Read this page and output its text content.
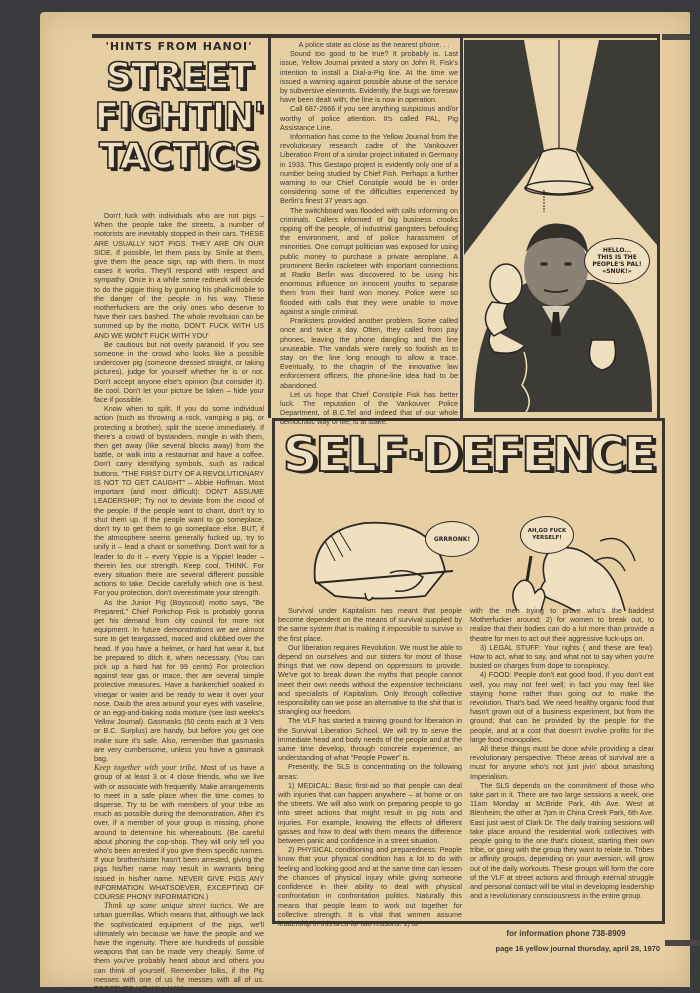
'HINTS FROM HANOI'
STREET
FIGHTIN'
TACTICS

Don't fuck with individuals who are not pigs – When the people take the streets, a number of motorists are inevitably stopped in their cars. THESE ARE USUALLY NOT PIGS. THEY ARE ON OUR SIDE. If possible, let them pass by. Smile at them, give them the peace sign, rap with them. In most cases it works. They'll respond with respect and sympathy. Once in a while some redneck will decide to do the piggie thing by gunning his phallicmobile to the danger of the people in his way. These motherfuckers are the only ones who deserve to have their cars bashed. The whole revoltuion can be summed up by the motto, DON'T FUCK WITH US AND WE WON'T FUCK WITH YOU'

Be cautious but not overly paranoid. If you see someone in the crowd who looks like a possible undercover pig (someone dressed straight, or taking pictures), judge for yourself whether he is or not. Don't accept anyone else's opinion (but consider it). Be cool. Don't let your picture be taken – hide your face if possible.

Know when to split. If you do some individual action (such as throwing a rock, vamping a pig, or protecting a brother), split the scene immediately. If there's a crowd of bystanders, mingle in with them, then get away (like several blocks away) from the battle, or walk into a restaurnat and have a coffee. Don't carry identifying symbols, such as radical buttons. "THE FIRST DUTY OF A REVOLUTIONARY IS NOT TO GET CAUGHT" – Abbie Hoffman. Most important (and most difficult): DON'T ASSUME LEADERSHIP; Try not to deviate from the mood of the people. If the people want to chant, don't try to shut them up. If the people want to go someplace, don't try to get them to go someplace else. BUT, if the atmosphere seems generally fucked up, try to unify it – lead a chant or something. Don't wait for a leader to do it – every Yippie is a Yippie! leader – therein lies our strength. Keep cool, THINK. For every situation there are several different possible actions to take. Decide carefully which one is best. For you protection, don't overestimate your strength.

As the Junior Pig (Boyscout) motto says, "Be Prepared." Chief Porkchop Fisk is probably gonna get his demand from city council for more riot equipment. In future demonstrations we are almost sure to get teargassed, maced and clubbed over the head. If you have a helmet, or hard hat wear it, but be prepared to ditch it, when necessary. (You can pick up a hard hat for 99 cents) For protection against tear gas or mace, ther are several simple protective measures. Have a hankerchief soaked in vinegar or water and be ready to wear it over your nose. Daub the area around your eyes with vaseline, or an egg-and-baking soda mixture (see last weeks's Yellow Journal). Gasmasks (50 cents each at 3 Vets or B.C. Surplus) are handy, but before you get one make sure it's safe. Also, remember that gasmasks are very cumbersome, unless you have a gasmask bag.

Keep together with your tribe. Most of us have a group of at least 3 or 4 close friends, who we live with or associate with frequently. Make arrangements to meet in a safe place when the time comes to disperse. Try to be with members of your tribe as much as possible during the demonstration. After it's over, if a member of your group is missing, phone around to determine his whereabouts. (Be careful about phoning the cop-shop. They will only tell you who's been arrested if you give them specific names. If your brother/sister hasn't been arrested, giving the pigs his/her name may result in warrants being issued in his/her name. NEVER GIVE PIGS ANY INFORMATION WHATSOEVER, EXCEPTING OF COURSE PHONY INFORMATION.)

Think up some unique street tactics. We are urban guerrillas. Which means that, although we lack the sophisticated equipment of the pigs, we'll ultimately win because we have the people and we have the ingenuity. There are hundreds of possible weapons that can be made very cheaply. Some of them you've probably heard about and others you can think of yourself. Remember folks, if the Pig messes with one of us he messes with all of us. TOGETHER WE WILL WIN!

A police state as close as the nearest phone. . .

Sound too good to be true? It probably is. Last issue, Yellow Journal printed a story on John R. Fisk's intention to install a Dial-a-Pig line. At the time we issued a warning against possible abuse of the service by subversive elements. Evidently, the bugs we foresaw have been dealt with; the line is now in operation.

Call 687-2666 if you see anything suspicious and/or worthy of police attention. It's called PAL, Pig Assistance Line.

Information has come to the Yellow Journal from the revolutionary research cadre of the Vankouver Liberation Front of a similar project initiated in Germany in 1933. This Gestapo project is evidently only one of a number being studied by Chief Fish. Perhaps a further warning to our Chief Constiple would be in order considering some of the difficulties experienced by Berlin's finest 37 years ago.

The switchboard was flooded with calls informing on criminals. Callers informed of big business crooks ripping off the people, of industrial gangsters befouling the environment, and of police harassment of minorities. One corrupt politician was exposed for using public money to purchase a private aeroplane. A prominent Berlin racketeer with important connections at Radio Berlin was discovered to be using his enormous influence on innocent youths to separate them from their hard won money. Police were so flooded with calls that they were unable to move against a single criminal.

Pranksters provided another problem. Some called once and twice a day. Often, they called from pay phones, leaving the phone dangling and the line unuseable. The vandals were rarely so foolish as to stay on the line long enough to allow a trace. Eventually, to the chagrin of the innovative law enforcement officers, the phone-line idea had to be abandoned.

Let us hope that Chief Constiple Fisk has better luck. The reputation of the Vankouver Police Department, of B.C.Tel and indeed that of our whole democratic way of life, is at stake.

HELLO...
THIS IS THE
PEOPLE'S PAL!
«SNUK!»
SELF·DEFENCE
GRRRONK!
AH,GO FUCK
YERSELF!

Survival under Kapitalism has meant that people become dependent on the means of survival supplied by the same system that is making it impossible to survive in the first place.

Our liberation requires Revolution. We must be able to depend on ourselves and our sisters for most of those things that we now depend on oppressors to provide. We've got to break down the myths that people cannot meet their own needs without the expensive technicians and specialists of Kapitalism. Only through collective responsibility can we pose an alternative to the shit that is strangling our freedom.

The VLF has started a training ground for liberation in the Survival Liberation School. We will try to serve the immediate head and body needs of the people and at the same time develop, through concrete experience, an understanding of what "People Power" is.

Presently, the SLS is concentrating on the following areas:

1) MEDICAL: Basic first-aid so that people can deal with injuries that can happen anywhere – at home or on the streets. We will also work on preparing people to go into street actions that might result in pig riots and injuries. For example, knowing the effects of different gasses and how to deal with them means the difference between panic and confidence in a street situation.

2) PHYSICAL conditioning and preparedness: People know that your physical condition has a lot to do with feeling and looking good and at the same time can lessen the chances of physical injury while giving someone confidence in their ability to deal with physical confrontation in confrontation politics. Naturally this means that people learn to work out together for collective strength. It is vital that women assume leadership in this area for two reasons: 1) to

with the men trying to prove who's the baddest Motherfucker around; 2) for women to break out, to realize that their bodies can do a lot more than provide a theatre for men to act out their aggressive fuck-ups on.

3) LEGAL STUFF: Your rights ( and these are few). How to act, what to say, and what not to say when you're busted on charges from dope to conspiracy.

4) FOOD: People don't eat good food. If you don't eat well, you may not feel well; in fact you may feel like staying home rather than going out to make the revolution. That's bad. We need healthy organic food that hasn't grown out of a business experiment, but from the ground; that can be provided by the people for the people, and at a cost that doesn't involve profits for the large food monopolies.

All these things must be done while providing a clear revolutionary perspective. These areas of survival are a must for anyone who's not just jivin' about smashing Imperialism.

The SLS depends on the commitment of those who take part in it. There are two large sessions a week, one 11am Monday at McBride Park, 4th Ave. West at Blenheim; the other at 7pm in China Creek Park, 6th Ave. East just west of Clark Dr. The daily training sessions will take place around the residential work collectives with people going to the one that's closest, starting their own tribe, or going with the group they want to relate to. Tribes or affinity groups, depending on your aversion, will grow out of the daily workouts. These groups will form the core of the VLF at street actions and through internal struggle and personal contact will be vital in developing leadership and a revolutionary consciousness in the entire group.

for information phone 738-8909
page 16 yellow journal thursday, april 28, 1970
